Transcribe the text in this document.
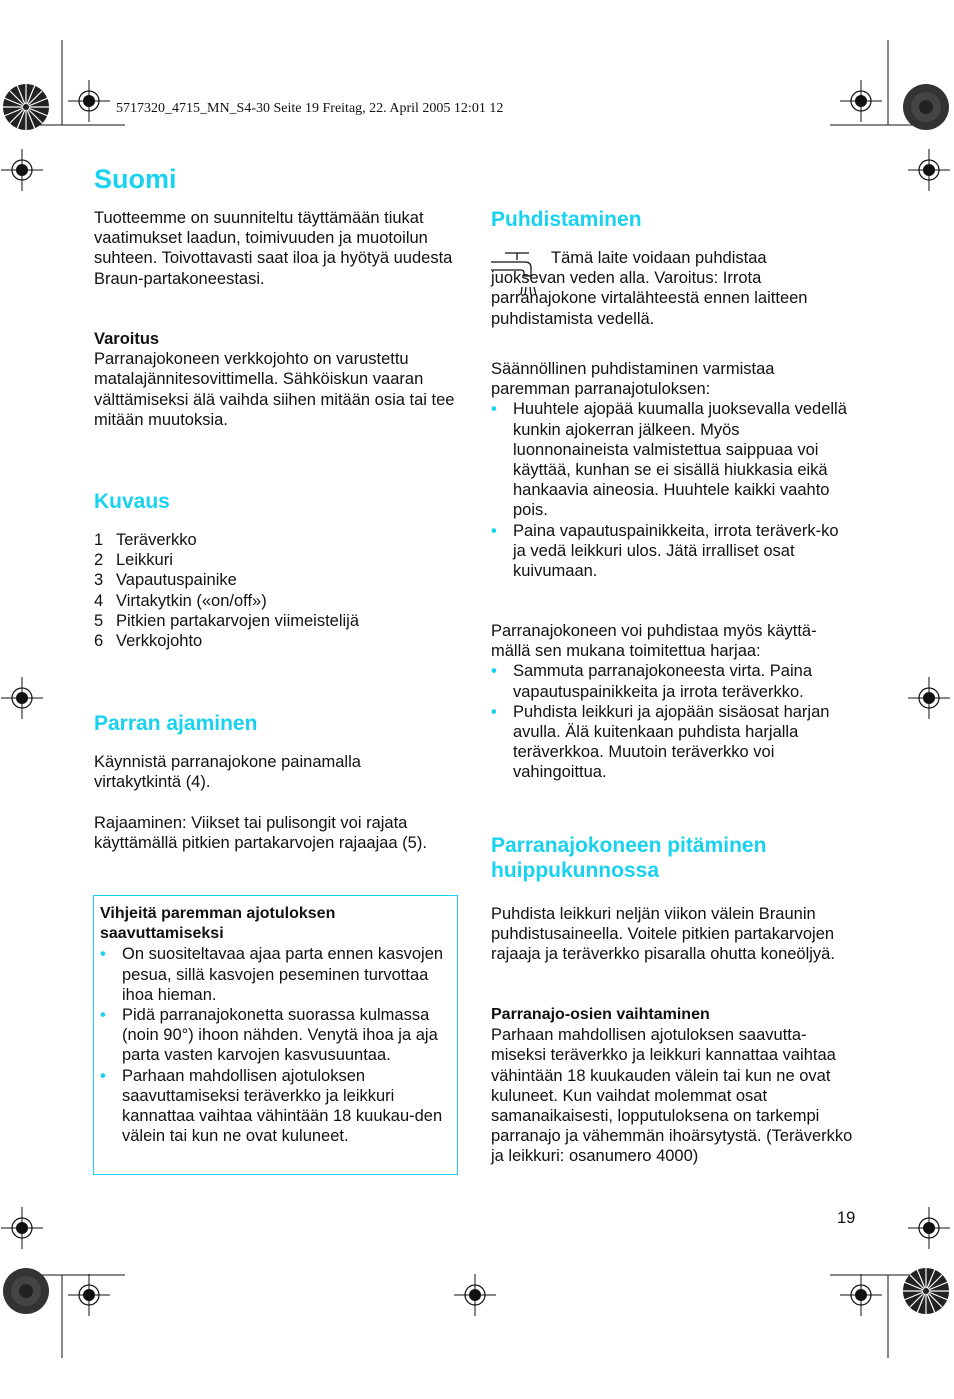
5717320_4715_MN_S4-30 Seite 19 Freitag, 22. April 2005 12:01 12
Suomi

Tuotteemme on suunniteltu täyttämään tiukat vaatimukset laadun, toimivuuden ja muotoilun suhteen. Toivottavasti saat iloa ja hyötyä uudesta Braun-partakoneestasi.

Varoitus

Parranajokoneen verkkojohto on varustettu matalajännitesovittimella. Sähköiskun vaaran välttämiseksi älä vaihda siihen mitään osia tai tee mitään muutoksia.

Kuvaus
1 Teräverkko
2 Leikkuri
3 Vapautuspainike
4 Virtakytkin («on/off»)
5 Pitkien partakarvojen viimeistelijä
6 Verkkojohto
Parran ajaminen

Käynnistä parranajokone painamalla virtakytkintä (4).

Rajaaminen: Viikset tai pulisongit voi rajata käyttämällä pitkien partakarvojen rajaajaa (5).

Vihjeitä paremman ajotuloksen saavuttamiseksi

• On suositeltavaa ajaa parta ennen kasvojen pesua, sillä kasvojen peseminen turvottaa ihoa hieman.
• Pidä parranajokonetta suorassa kulmassa (noin 90°) ihoon nähden. Venytä ihoa ja aja parta vasten karvojen kasvusuuntaa.
• Parhaan mahdollisen ajotuloksen saavuttamiseksi teräverkko ja leikkuri kannattaa vaihtaa vähintään 18 kuukau-den välein tai kun ne ovat kuluneet.
Puhdistaminen

Tämä laite voidaan puhdistaa juoksevan veden alla. Varoitus: Irrota parranajokone virtalähteestä ennen laitteen puhdistamista vedellä.

Säännöllinen puhdistaminen varmistaa paremman parranajotuloksen:

• Huuhtele ajopää kuumalla juoksevalla vedellä kunkin ajokerran jälkeen. Myös luonnonaineista valmistettua saippuaa voi käyttää, kunhan se ei sisällä hiukkasia eikä hankaavia aineosia. Huuhtele kaikki vaahto pois.
• Paina vapautuspainikkeita, irrota teräverk-ko ja vedä leikkuri ulos. Jätä irralliset osat kuivumaan.

Parranajokoneen voi puhdistaa myös käyttä-mällä sen mukana toimitettua harjaa:

• Sammuta parranajokoneesta virta. Paina vapautuspainikkeita ja irrota teräverkko.
• Puhdista leikkuri ja ajopään sisäosat harjan avulla. Älä kuitenkaan puhdista harjalla teräverkkoa. Muutoin teräverkko voi vahingoittua.
Parranajokoneen pitäminen huippukunnossa

Puhdista leikkuri neljän viikon välein Braunin puhdistusaineella. Voitele pitkien partakarvojen rajaaja ja teräverkko pisaralla ohutta koneöljyä.

Parranajo-osien vaihtaminen

Parhaan mahdollisen ajotuloksen saavutta-miseksi teräverkko ja leikkuri kannattaa vaihtaa vähintään 18 kuukauden välein tai kun ne ovat kuluneet. Kun vaihdat molemmat osat samanaikaisesti, lopputuloksena on tarkempi parranajo ja vähemmän ihoärsytystä. (Teräverkko ja leikkuri: osanumero 4000)

19
